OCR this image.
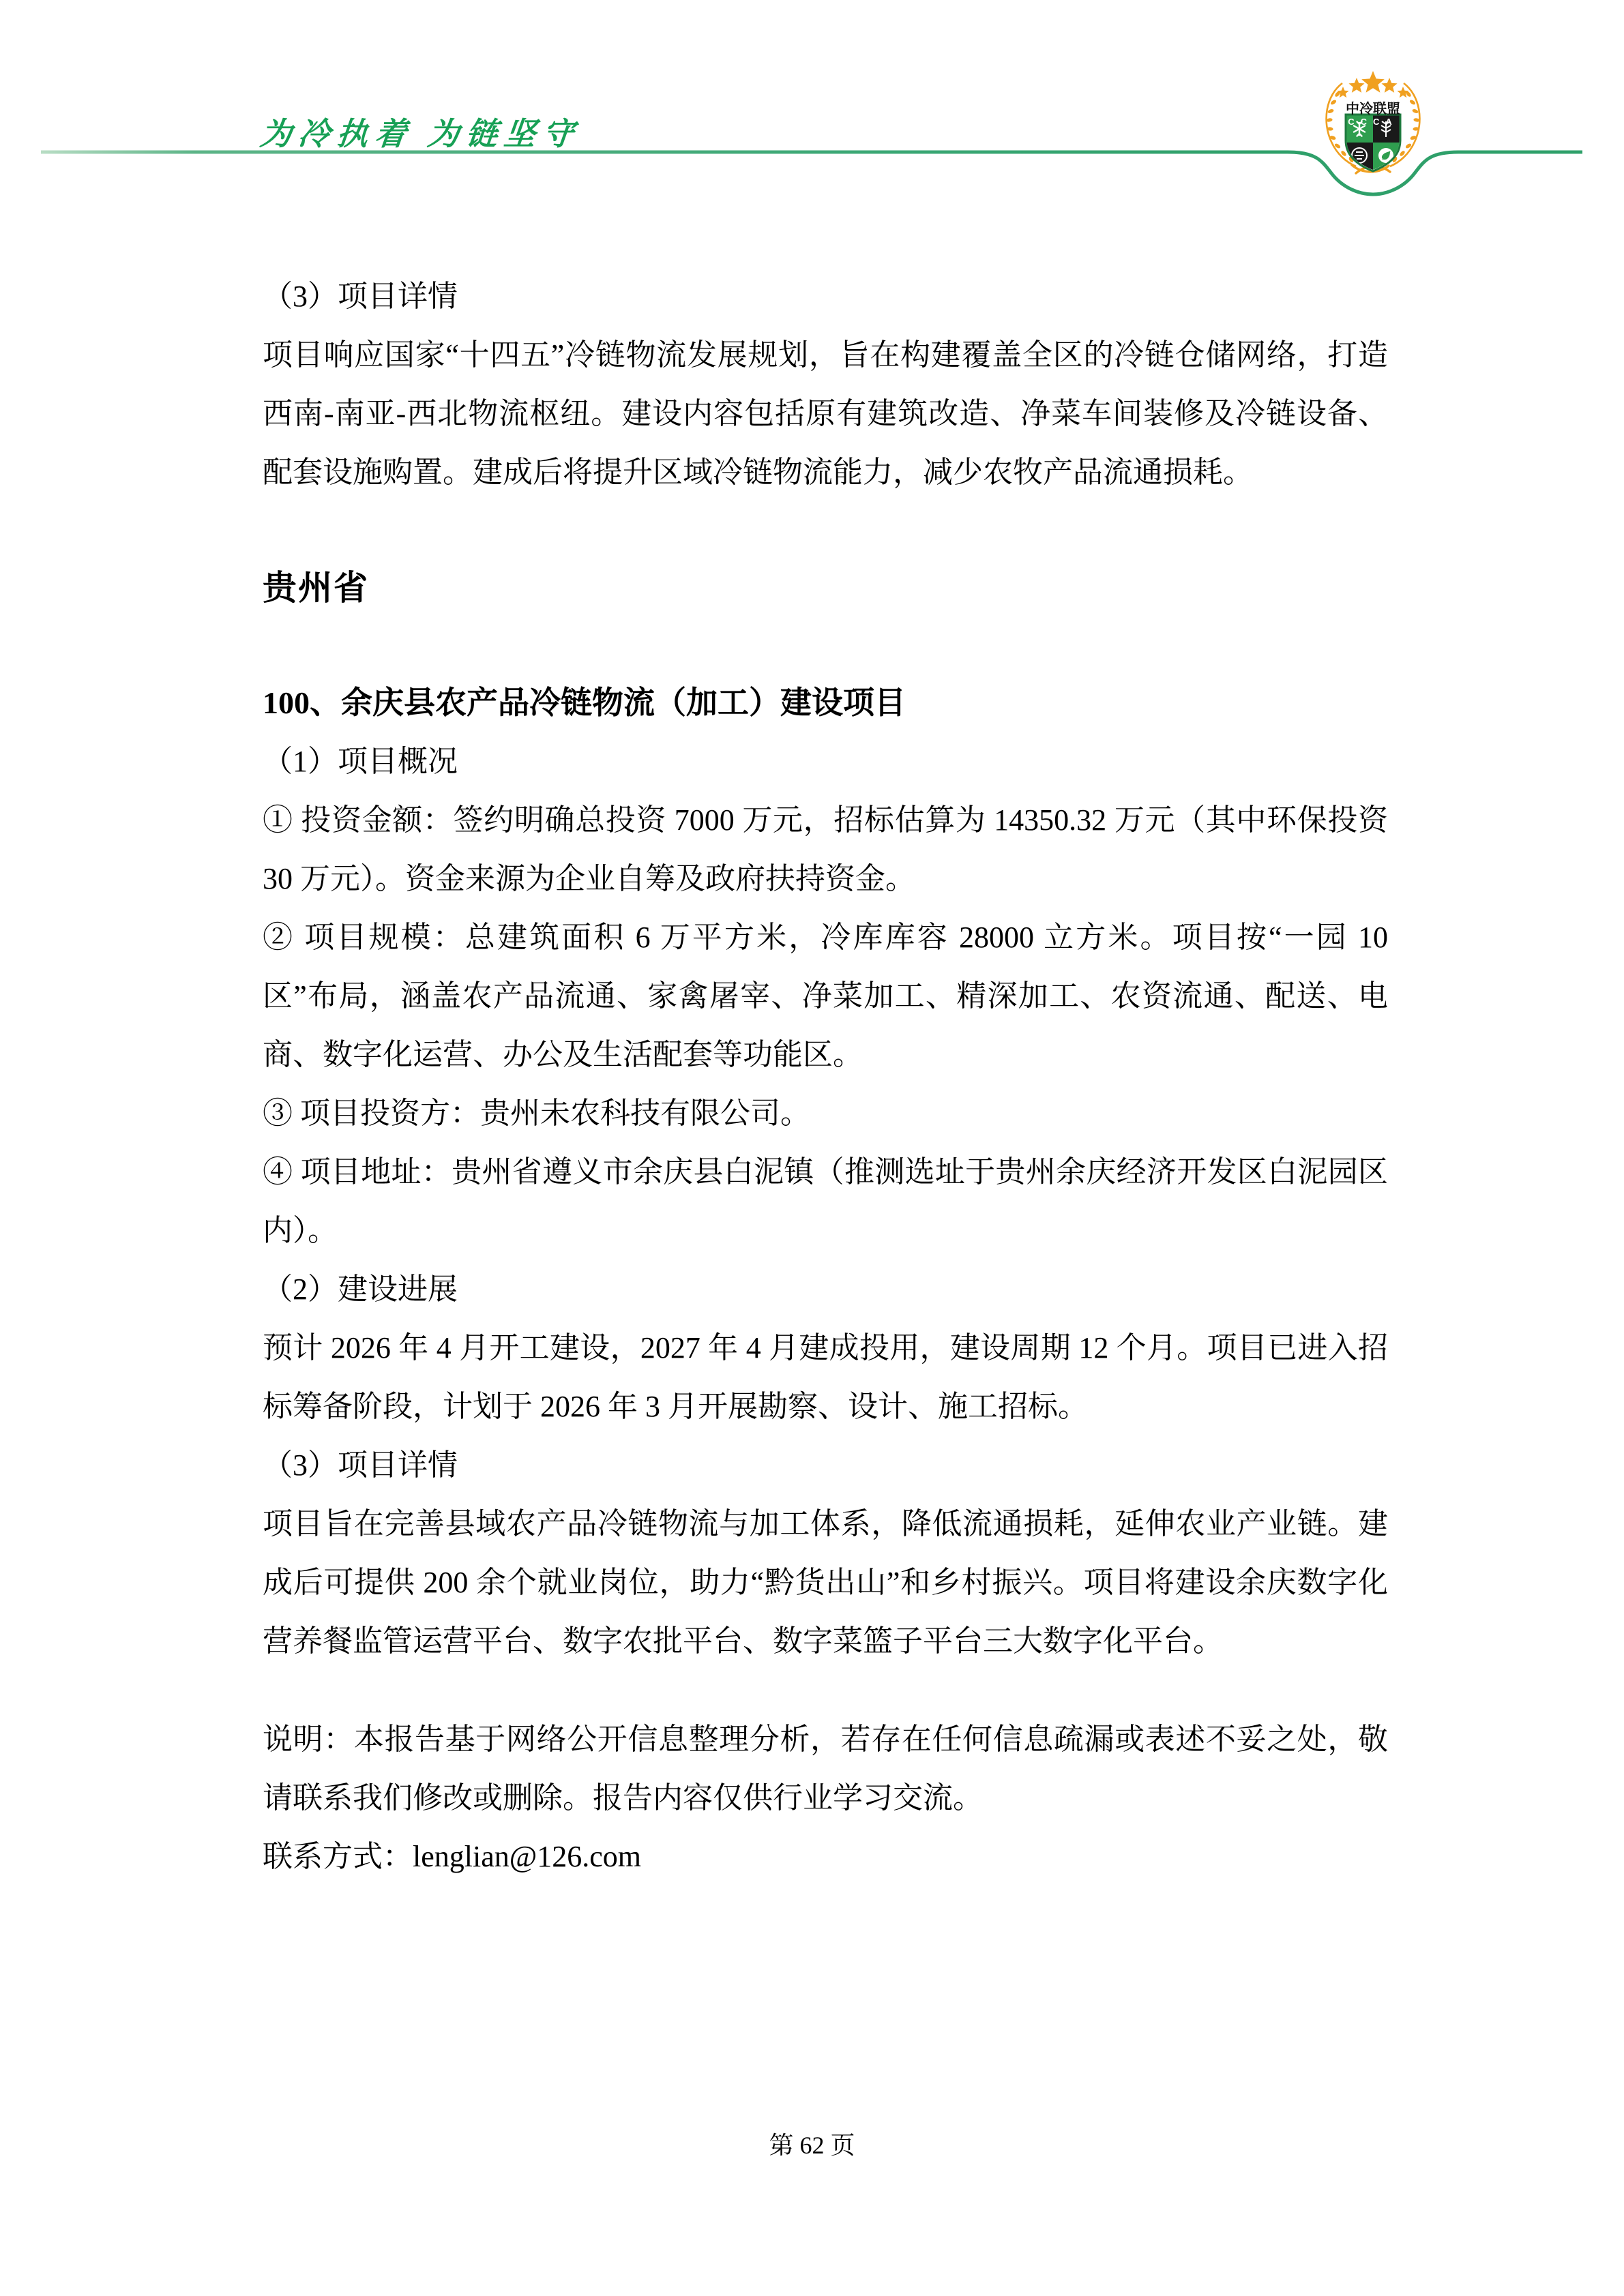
为冷执着 为链坚守
中冷联盟
CCCA
（3）项目详情
项目响应国家“十四五”冷链物流发展规划，旨在构建覆盖全区的冷链仓储网络，打造西南-南亚-西北物流枢纽。建设内容包括原有建筑改造、净菜车间装修及冷链设备、配套设施购置。建成后将提升区域冷链物流能力，减少农牧产品流通损耗。
贵州省
100、余庆县农产品冷链物流（加工）建设项目
（1）项目概况
① 投资金额：签约明确总投资 7000 万元，招标估算为 14350.32 万元（其中环保投资 30 万元）。资金来源为企业自筹及政府扶持资金。
② 项目规模：总建筑面积 6 万平方米，冷库库容 28000 立方米。项目按“一园 10 区”布局，涵盖农产品流通、家禽屠宰、净菜加工、精深加工、农资流通、配送、电商、数字化运营、办公及生活配套等功能区。
③ 项目投资方：贵州未农科技有限公司。
④ 项目地址：贵州省遵义市余庆县白泥镇（推测选址于贵州余庆经济开发区白泥园区内）。
（2）建设进展
预计 2026 年 4 月开工建设，2027 年 4 月建成投用，建设周期 12 个月。项目已进入招标筹备阶段，计划于 2026 年 3 月开展勘察、设计、施工招标。
（3）项目详情
项目旨在完善县域农产品冷链物流与加工体系，降低流通损耗，延伸农业产业链。建成后可提供 200 余个就业岗位，助力“黔货出山”和乡村振兴。项目将建设余庆数字化营养餐监管运营平台、数字农批平台、数字菜篮子平台三大数字化平台。
说明：本报告基于网络公开信息整理分析，若存在任何信息疏漏或表述不妥之处，敬请联系我们修改或删除。报告内容仅供行业学习交流。
联系方式：lenglian@126.com
第 62 页
